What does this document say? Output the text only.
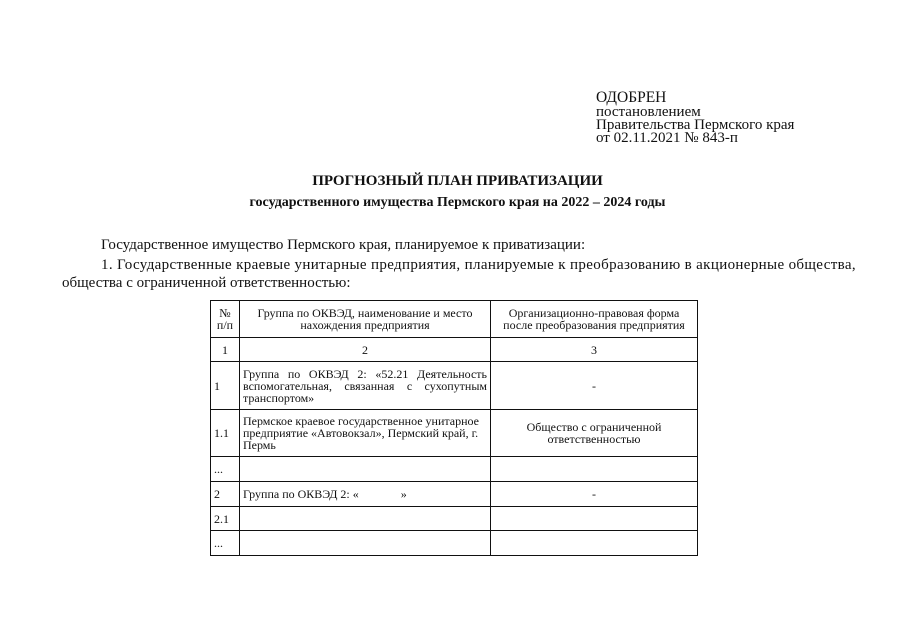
ОДОБРЕН
постановлением
Правительства Пермского края
от 02.11.2021 № 843-п
ПРОГНОЗНЫЙ ПЛАН ПРИВАТИЗАЦИИ
государственного имущества Пермского края на 2022 – 2024 годы
Государственное имущество Пермского края, планируемое к приватизации:
1. Государственные краевые унитарные предприятия, планируемые к преобразованию в акционерные общества,
общества с ограниченной ответственностью:
№ п/п	Группа по ОКВЭД, наименование и место нахождения предприятия	Организационно-правовая форма после преобразования предприятия
1	2	3
1	Группа по ОКВЭД 2: «52.21 Деятельность вспомогательная, связанная с сухопутным транспортом»	-
1.1	Пермское краевое государственное унитарное предприятие «Автовокзал», Пермский край, г. Пермь	Общество с ограниченной ответственностью
...		
2	Группа по ОКВЭД 2: «              »	-
2.1		
...		
